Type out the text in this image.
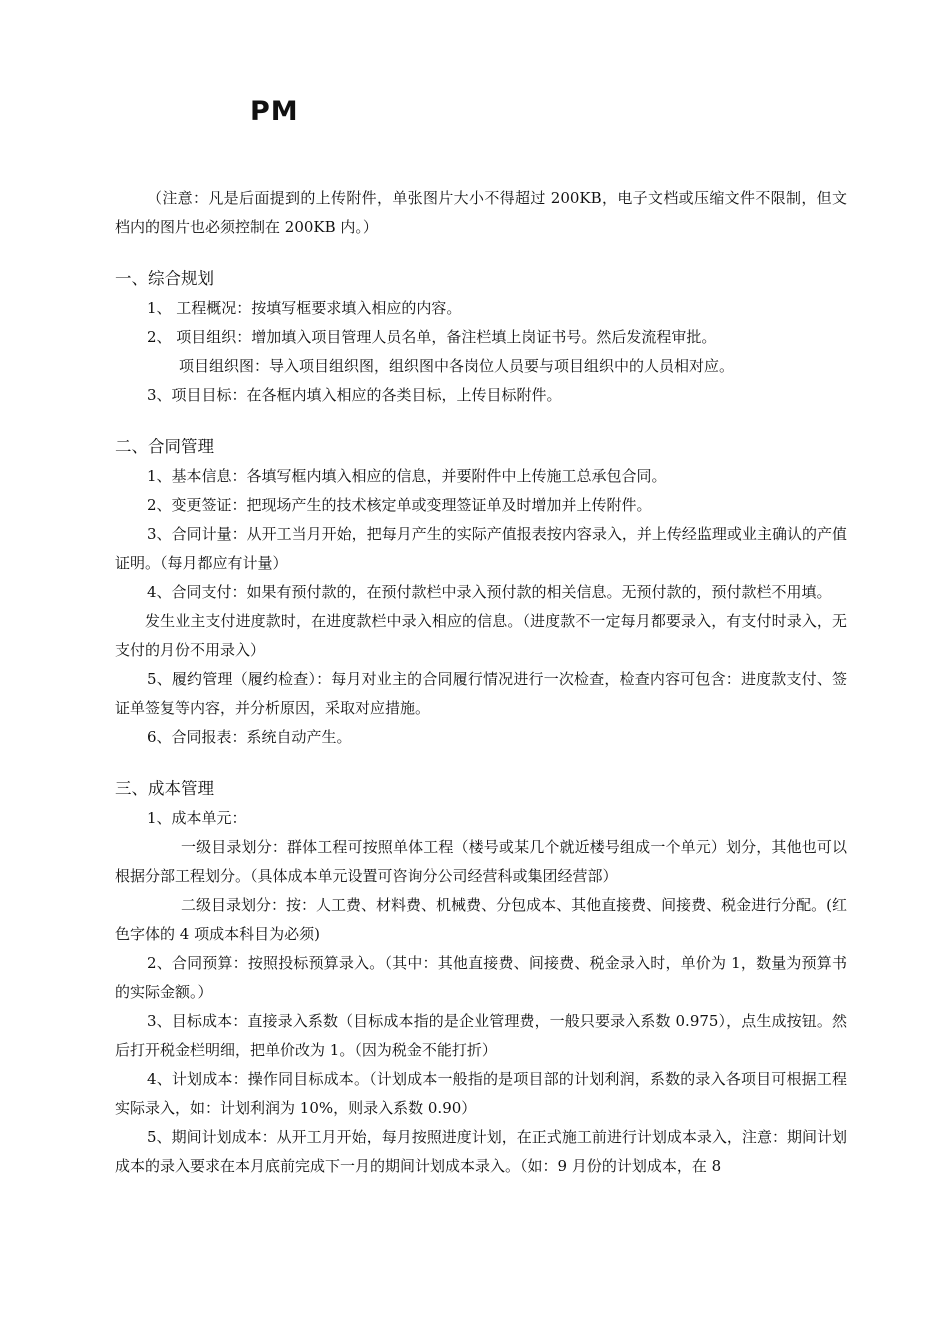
PM

（注意：凡是后面提到的上传附件，单张图片大小不得超过 200KB，电子文档或压缩文件不限制，但文档内的图片也必须控制在 200KB 内。）

一、综合规划

1、 工程概况：按填写框要求填入相应的内容。

2、 项目组织：增加填入项目管理人员名单，备注栏填上岗证书号。然后发流程审批。

项目组织图：导入项目组织图，组织图中各岗位人员要与项目组织中的人员相对应。

3、项目目标：在各框内填入相应的各类目标，上传目标附件。

二、合同管理

1、基本信息：各填写框内填入相应的信息，并要附件中上传施工总承包合同。

2、变更签证：把现场产生的技术核定单或变理签证单及时增加并上传附件。

3、合同计量：从开工当月开始，把每月产生的实际产值报表按内容录入，并上传经监理或业主确认的产值证明。（每月都应有计量）

4、合同支付：如果有预付款的，在预付款栏中录入预付款的相关信息。无预付款的，预付款栏不用填。

发生业主支付进度款时，在进度款栏中录入相应的信息。（进度款不一定每月都要录入，有支付时录入，无支付的月份不用录入）

5、履约管理（履约检查）：每月对业主的合同履行情况进行一次检查，检查内容可包含：进度款支付、签证单签复等内容，并分析原因，采取对应措施。

6、合同报表：系统自动产生。

三、成本管理

1、成本单元：

一级目录划分：群体工程可按照单体工程（楼号或某几个就近楼号组成一个单元）划分，其他也可以根据分部工程划分。（具体成本单元设置可咨询分公司经营科或集团经营部）

二级目录划分：按：人工费、材料费、机械费、分包成本、其他直接费、间接费、税金进行分配。(红色字体的 4 项成本科目为必须)

2、合同预算：按照投标预算录入。（其中：其他直接费、间接费、税金录入时，单价为 1，数量为预算书的实际金额。）

3、目标成本：直接录入系数（目标成本指的是企业管理费，一般只要录入系数 0.975），点生成按钮。然后打开税金栏明细，把单价改为 1。（因为税金不能打折）

4、计划成本：操作同目标成本。（计划成本一般指的是项目部的计划利润，系数的录入各项目可根据工程实际录入，如：计划利润为 10%，则录入系数 0.90）

5、期间计划成本：从开工月开始，每月按照进度计划，在正式施工前进行计划成本录入，注意：期间计划成本的录入要求在本月底前完成下一月的期间计划成本录入。（如：9 月份的计划成本，在 8
